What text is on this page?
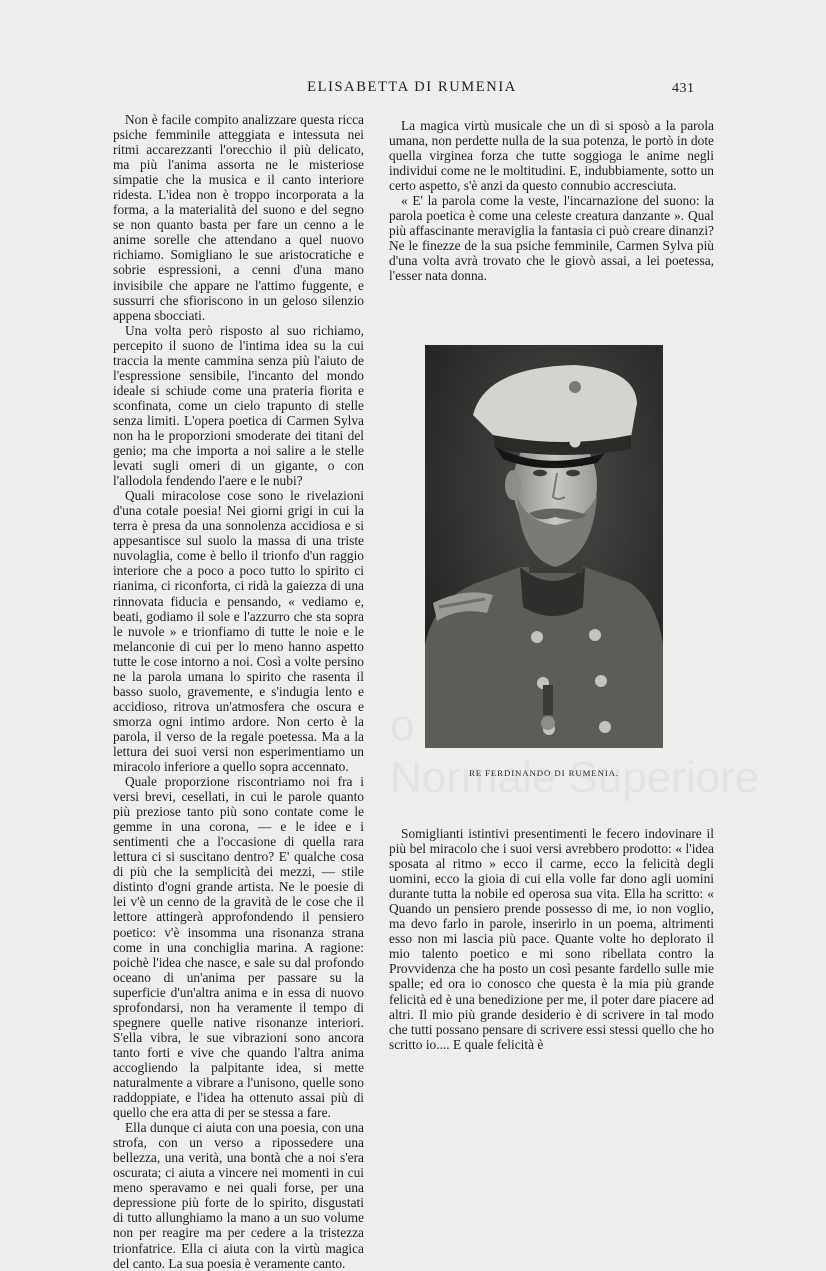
ELISABETTA DI RUMENIA	431

Non è facile compito analizzare questa ricca psiche femminile atteggiata e intessuta nei ritmi accarezzanti l'orecchio il più delicato, ma più l'anima assorta ne le misteriose simpatie che la musica e il canto interiore ridesta. L'idea non è troppo incorporata a la forma, a la materialità del suono e del segno se non quanto basta per fare un cenno a le anime sorelle che attendano a quel nuovo richiamo. Somigliano le sue aristocratiche e sobrie espressioni, a cenni d'una mano invisibile che appare ne l'attimo fuggente, e sussurri che sfioriscono in un geloso silenzio appena sbocciati.

Una volta però risposto al suo richiamo, percepito il suono de l'intima idea su la cui traccia la mente cammina senza più l'aiuto de l'espressione sensibile, l'incanto del mondo ideale si schiude come una prateria fiorita e sconfinata, come un cielo trapunto di stelle senza limiti. L'opera poetica di Carmen Sylva non ha le proporzioni smoderate dei titani del genio; ma che importa a noi salire a le stelle levati sugli omeri di un gigante, o con l'allodola fendendo l'aere e le nubi?

Quali miracolose cose sono le rivelazioni d'una cotale poesia! Nei giorni grigi in cui la terra è presa da una sonnolenza accidiosa e si appesantisce sul suolo la massa di una triste nuvolaglia, come è bello il trionfo d'un raggio interiore che a poco a poco tutto lo spirito ci rianima, ci riconforta, ci ridà la gaiezza di una rinnovata fiducia e pensando, « vediamo e, beati, godiamo il sole e l'azzurro che sta sopra le nuvole » e trionfiamo di tutte le noie e le melanconie di cui per lo meno hanno aspetto tutte le cose intorno a noi. Così a volte persino ne la parola umana lo spirito che rasenta il basso suolo, gravemente, e s'indugia lento e accidioso, ritrova un'atmosfera che oscura e smorza ogni intimo ardore. Non certo è la parola, il verso de la regale poetessa. Ma a la lettura dei suoi versi non esperimentiamo un miracolo inferiore a quello sopra accennato.

Quale proporzione riscontriamo noi fra i versi brevi, cesellati, in cui le parole quanto più preziose tanto più sono contate come le gemme in una corona, — e le idee e i sentimenti che a l'occasione di quella rara lettura ci si suscitano dentro? E' qualche cosa di più che la semplicità dei mezzi, — stile distinto d'ogni grande artista. Ne le poesie di lei v'è un cenno de la gravità de le cose che il lettore attingerà approfondendo il pensiero poetico: v'è insomma una risonanza strana come in una conchiglia marina. A ragione: poichè l'idea che nasce, e sale su dal profondo oceano di un'anima per passare su la superficie d'un'altra anima e in essa di nuovo sprofondarsi, non ha veramente il tempo di spegnere quelle native risonanze interiori. S'ella vibra, le sue vibrazioni sono ancora tanto forti e vive che quando l'altra anima accogliendo la palpitante idea, si mette naturalmente a vibrare a l'unisono, quelle sono raddoppiate, e l'idea ha ottenuto assai più di quello che era atta di per se stessa a fare.

Ella dunque ci aiuta con una poesia, con una strofa, con un verso a ripossedere una bellezza, una verità, una bontà che a noi s'era oscurata; ci aiuta a vincere nei momenti in cui meno speravamo e nei quali forse, per una depressione più forte de lo spirito, disgustati di tutto allunghiamo la mano a un suo volume non per reagire ma per cedere a la tristezza trionfatrice. Ella ci aiuta con la virtù magica del canto. La sua poesia è veramente canto.

La magica virtù musicale che un dì si sposò a la parola umana, non perdette nulla de la sua potenza, le portò in dote quella virginea forza che tutte soggioga le anime negli individui come ne le moltitudini. E, indubbiamente, sotto un certo aspetto, s'è anzi da questo connubio accresciuta.

« E' la parola come la veste, l'incarnazione del suono: la parola poetica è come una celeste creatura danzante ». Qual più affascinante meraviglia la fantasia ci può creare dinanzi? Ne le finezze de la sua psiche femminile, Carmen Sylva più d'una volta avrà trovato che le giovò assai, a lei poetessa, l'esser nata donna.

RE FERDINANDO DI RUMENIA.

Somiglianti istintivi presentimenti le fecero indovinare il più bel miracolo che i suoi versi avrebbero prodotto: « l'idea sposata al ritmo » ecco il carme, ecco la felicità degli uomini, ecco la gioia di cui ella volle far dono agli uomini durante tutta la nobile ed operosa sua vita. Ella ha scritto: « Quando un pensiero prende possesso di me, io non voglio, ma devo farlo in parole, inserirlo in un poema, altrimenti esso non mi lascia più pace. Quante volte ho deplorato il mio talento poetico e mi sono ribellata contro la Provvidenza che ha posto un così pesante fardello sulle mie spalle; ed ora io conosco che questa è la mia più grande felicità ed è una benedizione per me, il poter dare piacere ad altri. Il mio più grande desiderio è di scrivere in tal modo che tutti possano pensare di scrivere essi stessi quello che ho scritto io.... E quale felicità è
